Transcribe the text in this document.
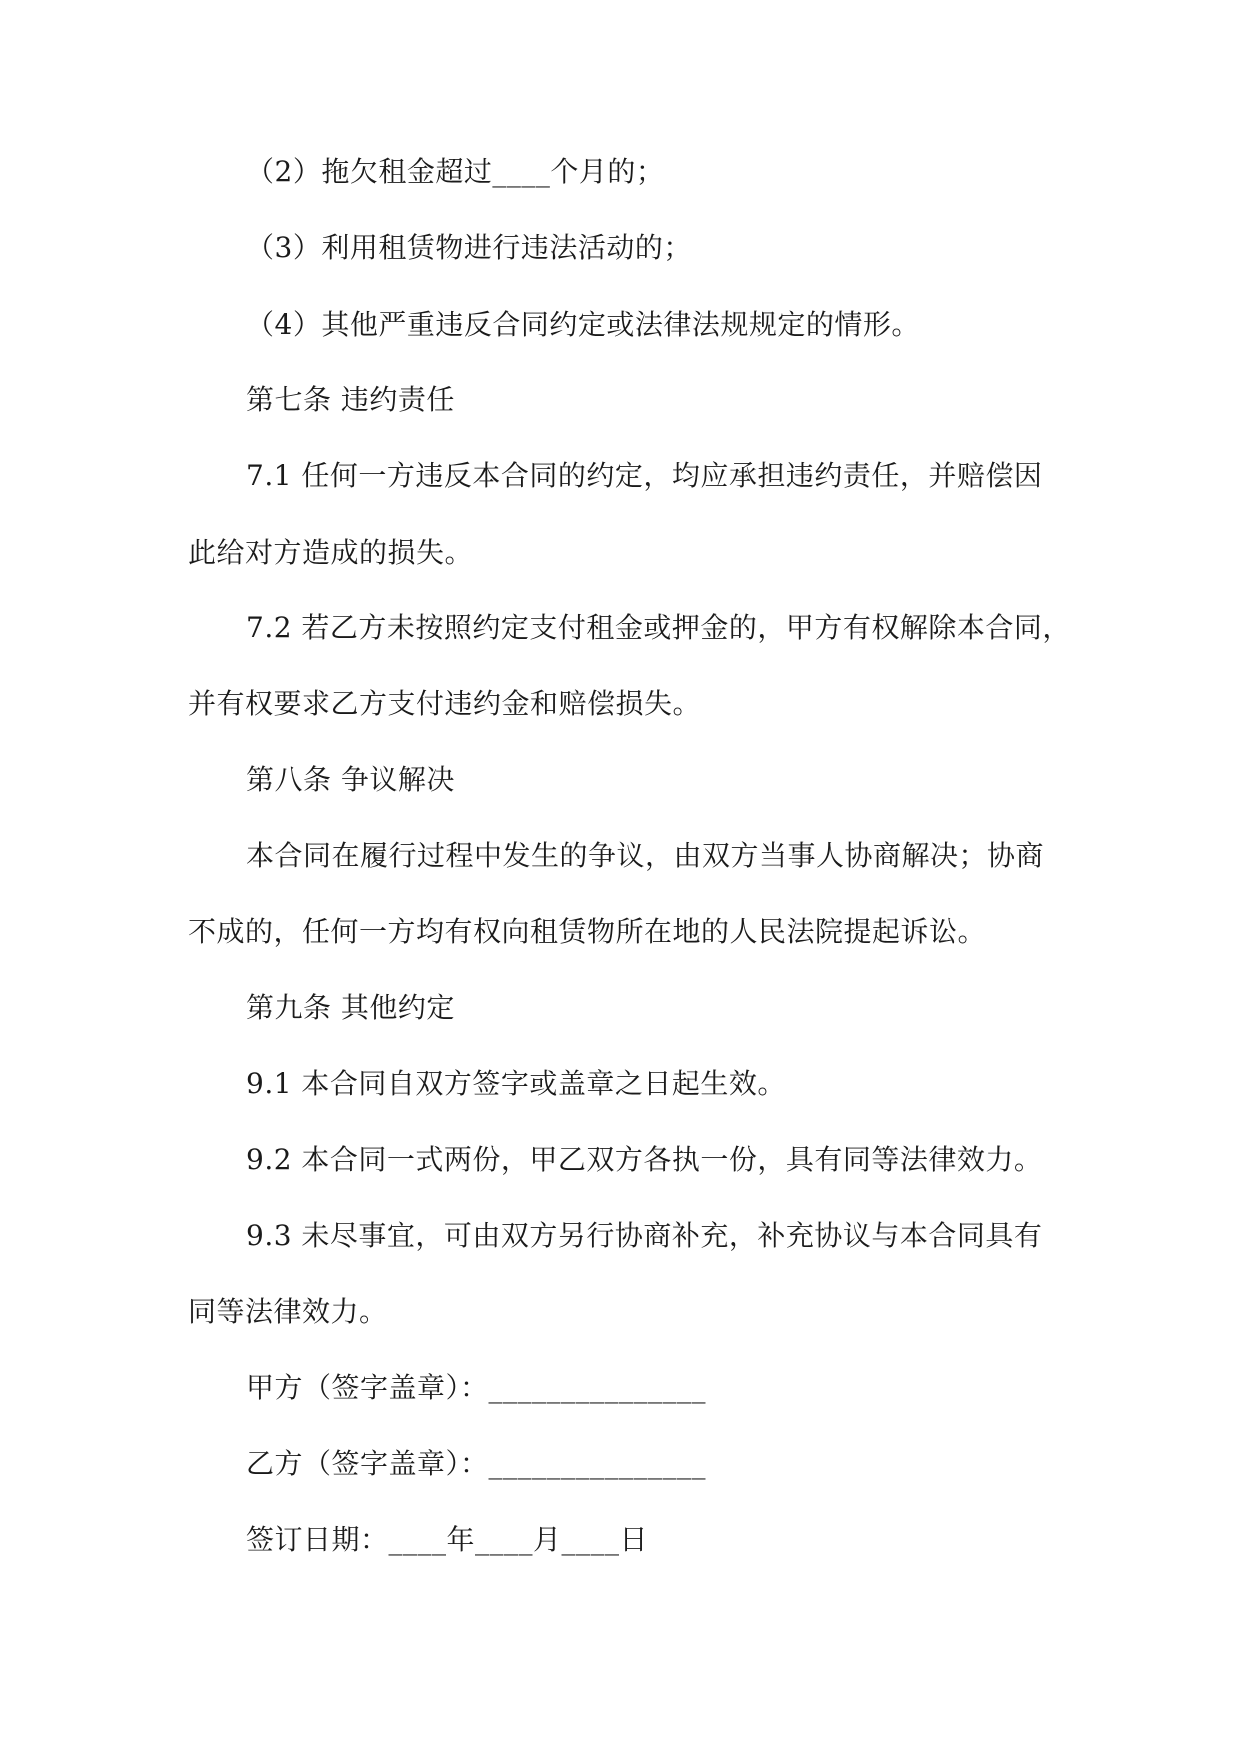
（2）拖欠租金超过____个月的；
（3）利用租赁物进行违法活动的；
（4）其他严重违反合同约定或法律法规规定的情形。
第七条 违约责任
7.1 任何一方违反本合同的约定，均应承担违约责任，并赔偿因
此给对方造成的损失。
7.2 若乙方未按照约定支付租金或押金的，甲方有权解除本合同，
并有权要求乙方支付违约金和赔偿损失。
第八条 争议解决
本合同在履行过程中发生的争议，由双方当事人协商解决；协商
不成的，任何一方均有权向租赁物所在地的人民法院提起诉讼。
第九条 其他约定
9.1 本合同自双方签字或盖章之日起生效。
9.2 本合同一式两份，甲乙双方各执一份，具有同等法律效力。
9.3 未尽事宜，可由双方另行协商补充，补充协议与本合同具有
同等法律效力。
甲方（签字盖章）：_______________
乙方（签字盖章）：_______________
签订日期：____年____月____日
